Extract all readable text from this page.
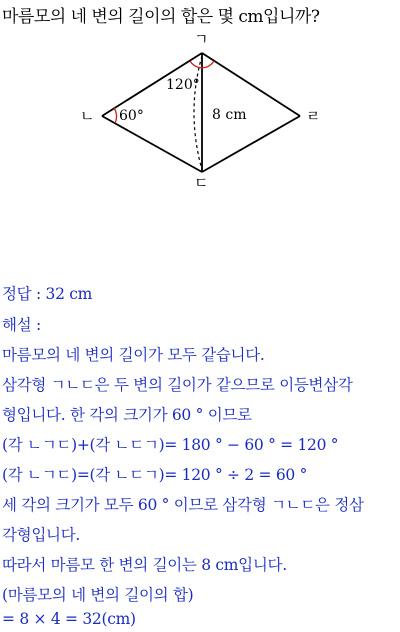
마름모의 네 변의 길이의 합은 몇 cm입니까?
ㄱ
ㄴ
ㄷ
ㄹ
120°
60°	8 cm
정답 : 32 cm
해설 :
마름모의 네 변의 길이가 모두 같습니다.
삼각형 ㄱㄴㄷ은 두 변의 길이가 같으므로 이등변삼각
형입니다. 한 각의 크기가 60 ° 이므로
(각 ㄴㄱㄷ)+(각 ㄴㄷㄱ)= 180 ° − 60 ° = 120 °
(각 ㄴㄱㄷ)=(각 ㄴㄷㄱ)= 120 ° ÷ 2 = 60 °
세 각의 크기가 모두 60 ° 이므로 삼각형 ㄱㄴㄷ은 정삼
각형입니다.
따라서 마름모 한 변의 길이는 8 cm입니다.
(마름모의 네 변의 길이의 합)
= 8 × 4 = 32(cm)
